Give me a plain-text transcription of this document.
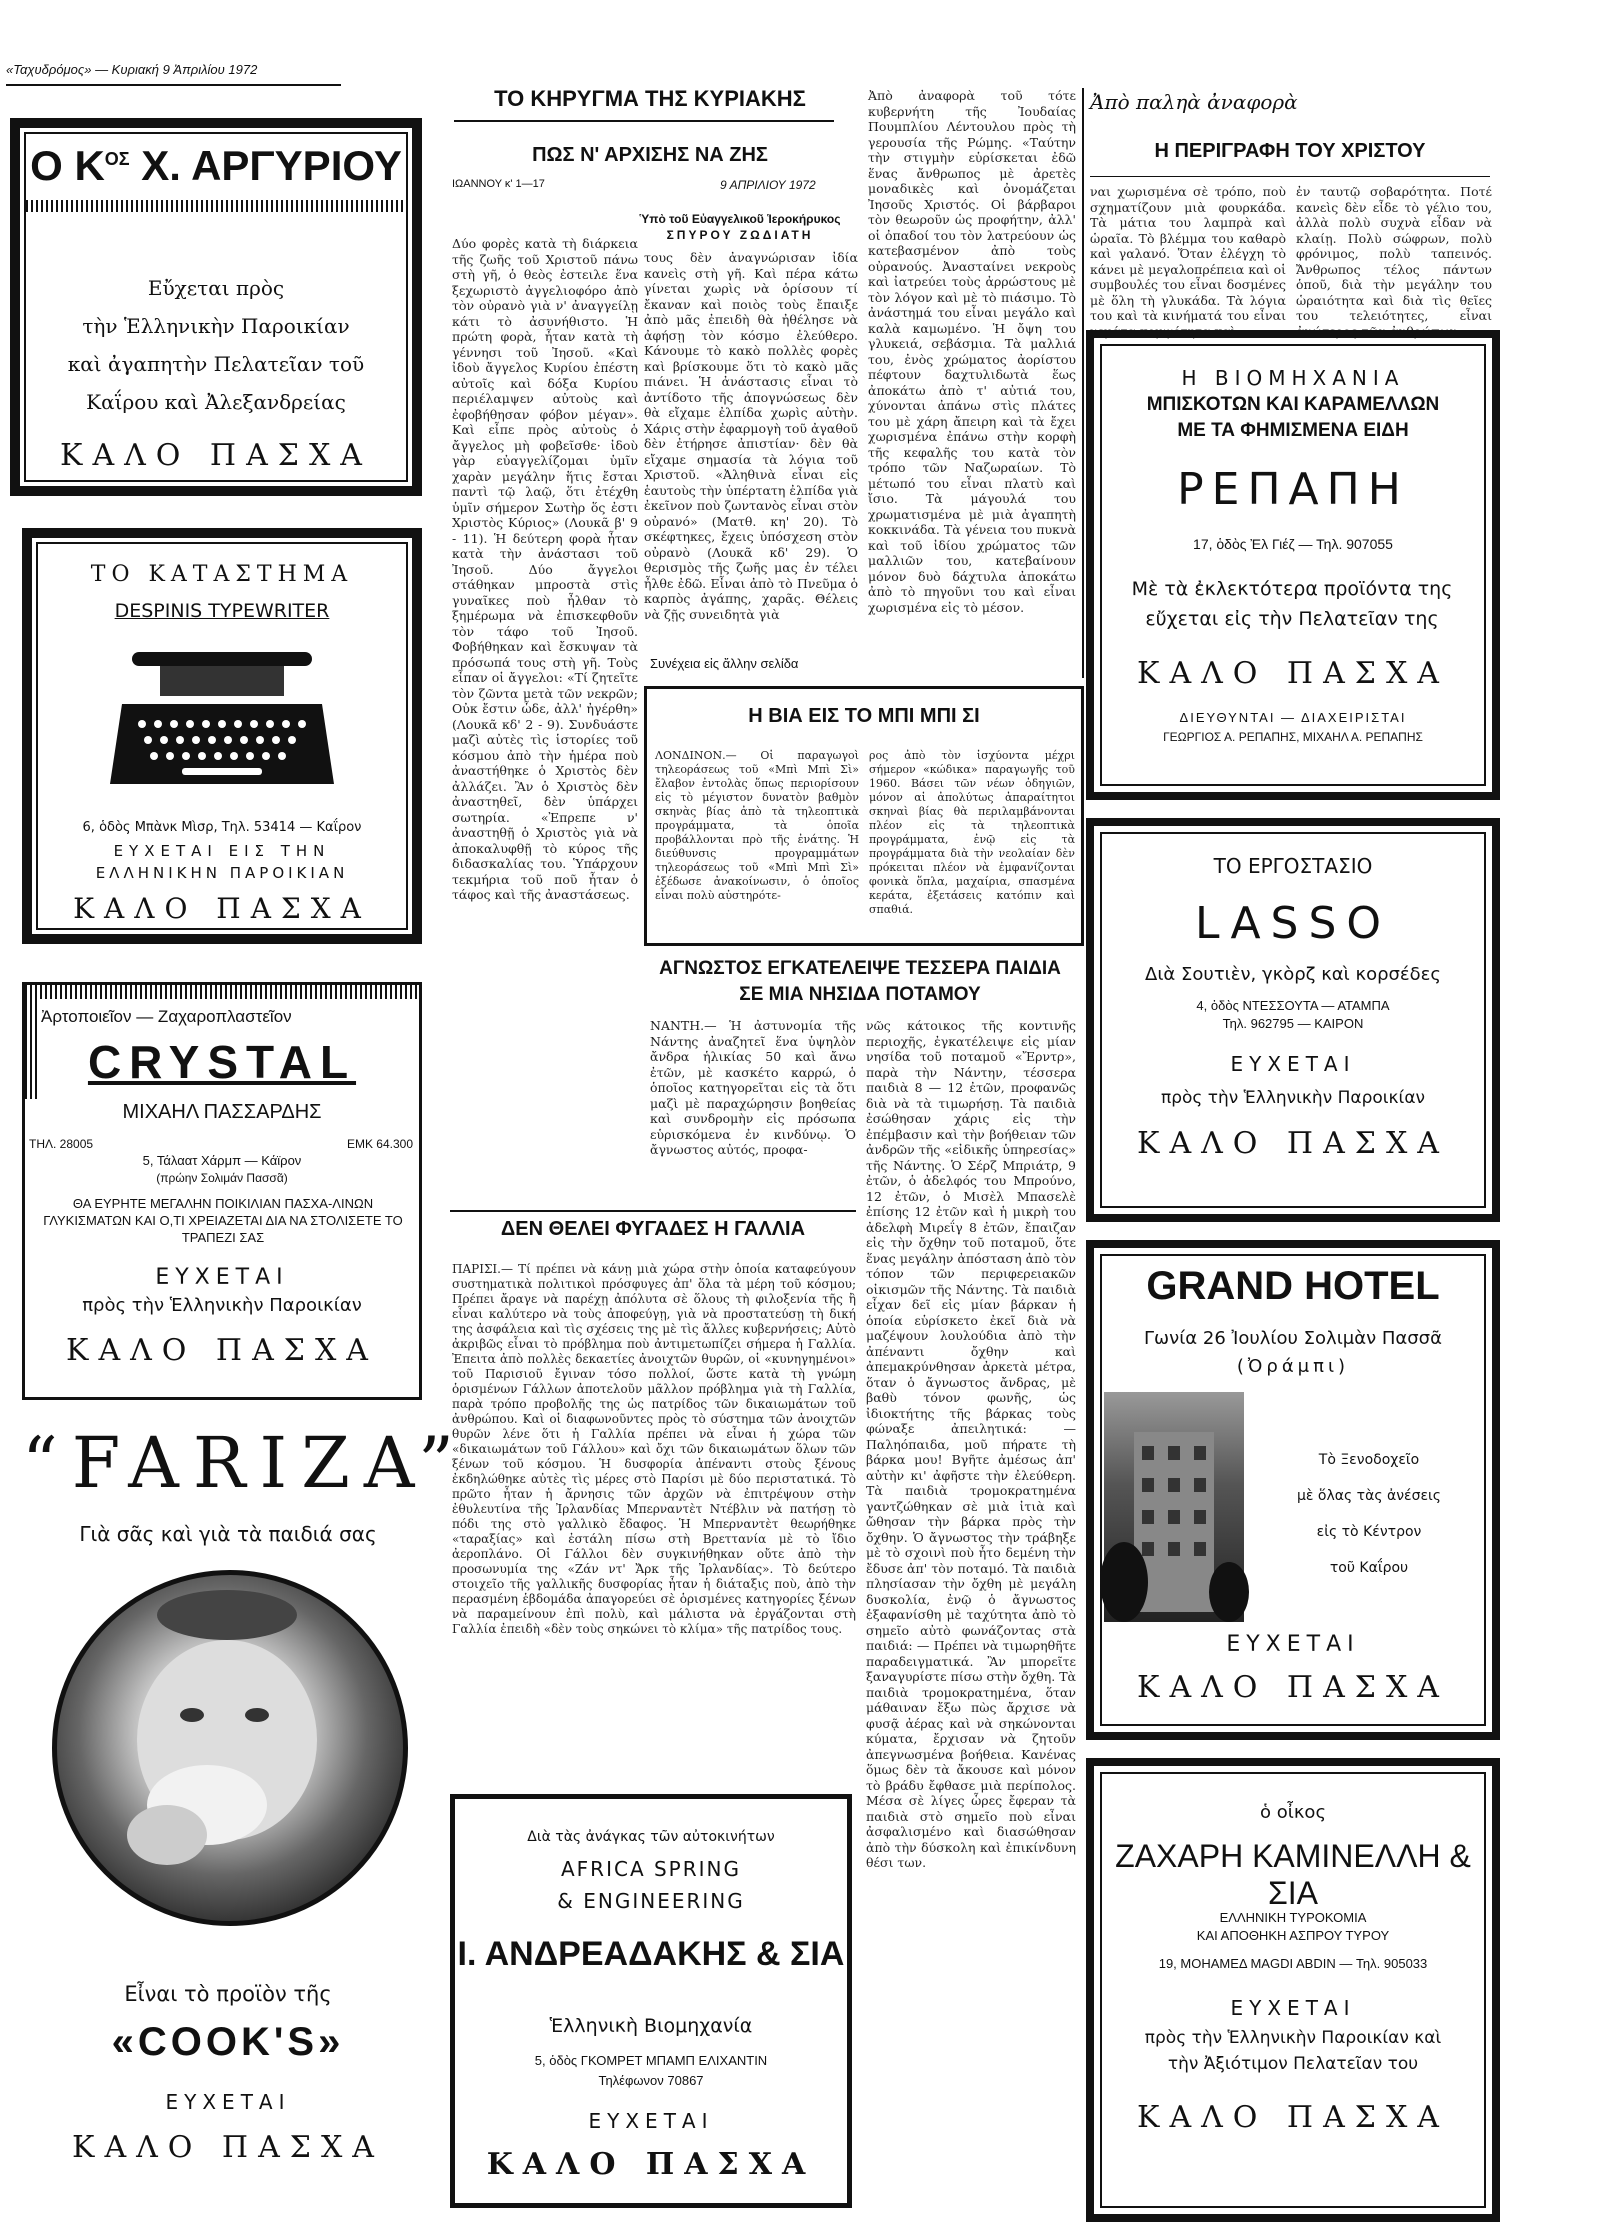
«Ταχυδρόμος» — Κυριακή 9 Ἀπριλίου 1972
Ο $K^{O\Sigma}$ Χ. ΑΡΓΥΡΙΟΥ
Εὔχεται πρὸς
τὴν Ἑλληνικὴν Παροικίαν
καὶ ἀγαπητὴν Πελατεῖαν τοῦ
Καΐρου καὶ Ἀλεξανδρείας
ΚΑΛΟ ΠΑΣΧΑ
ΤΟ ΚΑΤΑΣΤΗΜΑ
DESPINIS TYPEWRITER
6, ὁδὸς Μπὰνκ Μὶσρ, Τηλ. 53414 — Καΐρον
ΕΥΧΕΤΑΙ ΕΙΣ ΤΗΝ
ΕΛΛΗΝΙΚΗΝ ΠΑΡΟΙΚΙΑΝ
ΚΑΛΟ ΠΑΣΧΑ
Ἀρτοποιεῖον — Ζαχαροπλαστεῖον
CRYSTAL
ΜΙΧΑΗΛ ΠΑΣΣΑΡΔΗΣ
ΤΗΛ. 28005	ΕΜΚ 64.300
5, Τάλαατ Χάρμπ — Κάϊρον
(πρώην Σολιμάν Πασσᾶ)
ΘΑ ΕΥΡΗΤΕ ΜΕΓΑΛΗΝ ΠΟΙΚΙΛΙΑΝ ΠΑΣΧΑ-ΛΙΝΩΝ ΓΛΥΚΙΣΜΑΤΩΝ ΚΑΙ Ο,ΤΙ ΧΡΕΙΑΖΕΤΑΙ ΔΙΑ ΝΑ ΣΤΟΛΙΣΕΤΕ ΤΟ ΤΡΑΠΕΖΙ ΣΑΣ
ΕΥΧΕΤΑΙ
πρὸς τὴν Ἑλληνικὴν Παροικίαν
ΚΑΛΟ ΠΑΣΧΑ
“FARIZA”
Γιὰ σᾶς καὶ γιὰ τὰ παιδιά σας
Εἶναι τὸ προϊὸν τῆς
«COOK'S»
ΕΥΧΕΤΑΙ
ΚΑΛΟ ΠΑΣΧΑ
ΤΟ ΚΗΡΥΓΜΑ ΤΗΣ ΚΥΡΙΑΚΗΣ
ΠΩΣ Ν' ΑΡΧΙΣΗΣ ΝΑ ΖΗΣ
ΙΩΑΝΝΟΥ κ' 1—17	9 ΑΠΡΙΛΙΟΥ 1972
Ὑπὸ τοῦ Εὐαγγελικοῦ Ἱεροκήρυκος
ΣΠΥΡΟΥ ΖΩΔΙΑΤΗ
Δύο φορὲς κατὰ τὴ διάρκεια τῆς ζωῆς τοῦ Χριστοῦ πάνω στὴ γῆ, ὁ θεὸς ἐστειλε ἕνα ξεχωριστὸ ἀγγελιοφόρο ἀπὸ τὸν οὐρανὸ γιὰ ν' ἀναγγείλῃ κάτι τὸ ἀσυνήθιστο. Ἡ πρώτη φορὰ, ἦταν κατὰ τὴ γέννησι τοῦ Ἰησοῦ. «Καὶ ἰδοὺ ἄγγελος Κυρίου ἐπέστη αὐτοῖς καὶ δόξα Κυρίου περιέλαμψεν αὐτοὺς καὶ ἐφοβήθησαν φόβον μέγαν». Καὶ εἶπε πρὸς αὐτοὺς ὁ ἄγγελος μὴ φοβεῖσθε· ἰδοὺ γὰρ εὐαγγελίζομαι ὑμῖν χαρὰν μεγάλην ἥτις ἔσται παντὶ τῷ λαῷ, ὅτι ἐτέχθη ὑμῖν σήμερον Σωτὴρ ὅς ἐστι Χριστὸς Κύριος» (Λουκᾶ β' 9 - 11). Ἡ δεύτερη φορὰ ἦταν κατὰ τὴν ἀνάστασι τοῦ Ἰησοῦ. Δύο ἄγγελοι στάθηκαν μπροστὰ στὶς γυναῖκες ποὺ ἦλθαν τὸ ξημέρωμα νὰ ἐπισκεφθοῦν τὸν τάφο τοῦ Ἰησοῦ. Φοβήθηκαν καὶ ἔσκυψαν τὰ πρόσωπά τους στὴ γῆ. Τοὺς εἶπαν οἱ ἄγγελοι: «Τί ζητεῖτε τὸν ζῶντα μετὰ τῶν νεκρῶν; Οὐκ ἔστιν ὧδε, ἀλλ' ἠγέρθη» (Λουκᾶ κδ' 2 - 9). Συνδυάστε μαζὶ αὐτὲς τὶς ἱστορίες τοῦ κόσμου ἀπὸ τὴν ἡμέρα ποὺ ἀναστήθηκε ὁ Χριστὸς δὲν ἀλλάζει. Ἂν ὁ Χριστὸς δὲν ἀναστηθεῖ, δὲν ὑπάρχει σωτηρία. «Ἐπρεπε ν' ἀναστηθῇ ὁ Χριστὸς γιὰ νὰ ἀποκαλυφθῇ τὸ κύρος τῆς διδασκαλίας του. Ὑπάρχουν τεκμήρια τοῦ ποῦ ἦταν ὁ τάφος καὶ τῆς ἀναστάσεως.
τους δὲν ἀναγνώρισαν ἰδία κανεὶς στὴ γῆ. Καὶ πέρα κάτω γίνεται χωρὶς νὰ ὁρίσουν τί ἔκαναν καὶ ποιὸς τοὺς ἔπαιξε ἀπὸ μᾶς ἐπειδὴ θὰ ἠθέλησε νὰ ἀφήσῃ τὸν κόσμο ἐλεύθερο. Κάνουμε τὸ κακὸ πολλὲς φορὲς καὶ βρίσκουμε ὅτι τὸ κακὸ μᾶς πιάνει. Ἡ ἀνάστασις εἶναι τὸ ἀντίδοτο τῆς ἀπογνώσεως δὲν θὰ εἴχαμε ἐλπίδα χωρὶς αὐτὴν. Χάρις στὴν ἐφαρμογὴ τοῦ ἀγαθοῦ δὲν ἐτήρησε ἀπιστίαν· δὲν θὰ εἴχαμε σημασία τὰ λόγια τοῦ Χριστοῦ. «Ἀληθινὰ εἶναι εἰς ἑαυτοὺς τὴν ὑπέρτατη ἐλπίδα γιὰ ἐκεῖνον ποὺ ζωντανὸς εἶναι στὸν οὐρανό» (Ματθ. κη' 20). Τὸ σκέφτηκες, ἔχεις ὑπόσχεση στὸν οὐρανὸ (Λουκᾶ κδ' 29). Ὁ θερισμὸς τῆς ζωῆς μας ἐν τέλει ἦλθε ἐδῶ. Εἶναι ἀπὸ τὸ Πνεῦμα ὁ καρπὸς ἀγάπης, χαρᾶς. Θέλεις νὰ ζῇς συνειδητὰ γιὰ
Συνέχεια εἰς ἄλλην σελίδα
Η ΒΙΑ ΕΙΣ ΤΟ ΜΠΙ ΜΠΙ ΣΙ
ΛΟΝΔΙΝΟΝ.— Οἱ παραγωγοὶ τηλεοράσεως τοῦ «Μπὶ Μπὶ Σὶ» ἔλαβον ἐντολὰς ὅπως περιορίσουν εἰς τὸ μέγιστον δυνατὸν βαθμὸν σκηνὰς βίας ἀπὸ τὰ τηλεοπτικὰ προγράμματα, τὰ ὁποῖα προβάλλονται πρὸ τῆς ἐνάτης. Ἡ διεύθυνσις προγραμμάτων τηλεοράσεως τοῦ «Μπὶ Μπὶ Σὶ» ἐξέδωσε ἀνακοίνωσιν, ὁ ὁποῖος εἶναι πολὺ αὐστηρότε-
ρος ἀπὸ τὸν ἰσχύοντα μέχρι σήμερον «κώδικα» παραγωγῆς τοῦ 1960. Βάσει τῶν νέων ὁδηγιῶν, μόνον αἱ ἀπολύτως ἀπαραίτητοι σκηναὶ βίας θὰ περιλαμβάνονται πλέον εἰς τὰ τηλεοπτικὰ προγράμματα, ἐνῷ εἰς τὰ προγράμματα διὰ τὴν νεολαίαν δὲν πρόκειται πλέον νὰ ἐμφανίζονται φονικὰ ὅπλα, μαχαίρια, σπασμένα κεράτα, ἐξετάσεις κατόπιν καὶ σπαθιά.
ΑΓΝΩΣΤΟΣ ΕΓΚΑΤΕΛΕΙΨΕ ΤΕΣΣΕΡΑ ΠΑΙΔΙΑ ΣΕ ΜΙΑ ΝΗΣΙΔΑ ΠΟΤΑΜΟΥ
ΝΑΝΤΗ.— Ἡ ἀστυνομία τῆς Νάντης ἀναζητεῖ ἕνα ὑψηλὸν ἄνδρα ἡλικίας 50 καὶ ἄνω ἐτῶν, μὲ κασκέτο καρρώ, ὁ ὁποῖος κατηγορεῖται εἰς τὰ ὅτι μαζὶ μὲ παραχώρησιν βοηθείας καὶ συνδρομὴν εἰς πρόσωπα εὑρισκόμενα ἐν κινδύνῳ. Ὁ ἄγνωστος αὐτός, προφα-
νῶς κάτοικος τῆς κοντινῆς περιοχῆς, ἐγκατέλειψε εἰς μίαν νησίδα τοῦ ποταμοῦ «Ἔρντρ», παρὰ τὴν Νάντην, τέσσερα παιδιὰ 8 — 12 ἐτῶν, προφανῶς διὰ νὰ τὰ τιμωρήσῃ. Τὰ παιδιὰ ἐσώθησαν χάρις εἰς τὴν ἐπέμβασιν καὶ τὴν βοήθειαν τῶν ἀνδρῶν τῆς «εἰδικῆς ὑπηρεσίας» τῆς Νάντης. Ὁ Σέρζ Μπριάτρ, 9 ἐτῶν, ὁ ἀδελφός του Μπρούνο, 12 ἐτῶν, ὁ Μισὲλ Μπασελὲ ἐπίσης 12 ἐτῶν καὶ ἡ μικρὴ του ἀδελφὴ Μιρεΐγ 8 ἐτῶν, ἔπαιζαν εἰς τὴν ὄχθην τοῦ ποταμοῦ, ὅτε ἕνας μεγάλην ἀπόσταση ἀπὸ τὸν τόπον τῶν περιφερειακῶν οἰκισμῶν τῆς Νάντης. Τὰ παιδιὰ εἶχαν δεῖ εἰς μίαν βάρκαν ἡ ὁποία εὑρίσκετο ἐκεῖ διὰ νὰ μαζέψουν λουλούδια ἀπὸ τὴν ἀπέναντι ὄχθην καὶ ἀπεμακρύνθησαν ἀρκετὰ μέτρα, ὅταν ὁ ἄγνωστος ἄνδρας, μὲ βαθὺ τόνον φωνῆς, ὡς ἰδιοκτήτης τῆς βάρκας τοὺς φώναξε ἀπειλητικά: — Παληόπαιδα, μοῦ πήρατε τὴ βάρκα μου! Βγῆτε ἀμέσως ἀπ' αὐτὴν κι' ἀφῆστε τὴν ἐλεύθερη. Τὰ παιδιὰ τρομοκρατημένα γαντζώθηκαν σὲ μιὰ ἰτιὰ καὶ ὤθησαν τὴν βάρκα πρὸς τὴν ὄχθην. Ὁ ἄγνωστος τὴν τράβηξε μὲ τὸ σχοινὶ ποὺ ἦτο δεμένη τὴν ἔδυσε ἀπ' τὸν ποταμό. Τὰ παιδιὰ πλησίασαν τὴν ὄχθη μὲ μεγάλη δυσκολία, ἐνῷ ὁ ἄγνωστος ἐξαφανίσθη μὲ ταχύτητα ἀπὸ τὸ σημεῖο αὐτὸ φωνάζοντας στὰ παιδιά: — Πρέπει νὰ τιμωρηθῆτε παραδειγματικά. Ἂν μπορεῖτε ξαναγυρίστε πίσω στὴν ὄχθη. Τὰ παιδιὰ τρομοκρατημένα, ὅταν μάθαιναν ἔξω πὼς ἄρχισε νὰ φυσᾷ ἀέρας καὶ νὰ σηκώνονται κύματα, ἔρχισαν νὰ ζητοῦν ἀπεγνωσμένα βοήθεια. Κανένας ὅμως δὲν τὰ ἄκουσε καὶ μόνον τὸ βράδυ ἔφθασε μιὰ περίπολος. Μέσα σὲ λίγες ὧρες ἔφεραν τὰ παιδιὰ στὸ σημεῖο ποὺ εἶναι ἀσφαλισμένο καὶ διασώθησαν ἀπὸ τὴν δύσκολη καὶ ἐπικίνδυνη θέσι των.
ΔΕΝ ΘΕΛΕΙ ΦΥΓΑΔΕΣ Η ΓΑΛΛΙΑ
ΠΑΡΙΣΙ.— Τί πρέπει νὰ κάνῃ μιὰ χώρα στὴν ὁποία καταφεύγουν συστηματικὰ πολιτικοὶ πρόσφυγες ἀπ' ὅλα τὰ μέρη τοῦ κόσμου; Πρέπει ἄραγε νὰ παρέχῃ ἀπόλυτα σὲ ὅλους τὴ φιλοξενία τῆς ἢ εἶναι καλύτερο νὰ τοὺς ἀποφεύγῃ, γιὰ νὰ προστατεύσῃ τὴ δική της ἀσφάλεια καὶ τὶς σχέσεις της μὲ τὶς ἄλλες κυβερνήσεις; Αὐτὸ ἀκριβῶς εἶναι τὸ πρόβλημα ποὺ ἀντιμετωπίζει σήμερα ἡ Γαλλία. Ἐπειτα ἀπὸ πολλὲς δεκαετίες ἀνοιχτῶν θυρῶν, οἱ «κυνηγημένοι» τοῦ Παρισιοῦ ἔγιναν τόσο πολλοί, ὥστε κατὰ τὴ γνώμη ὁρισμένων Γάλλων ἀποτελοῦν μᾶλλον πρόβλημα γιὰ τὴ Γαλλία, παρὰ τρόπο προβολῆς της ὡς πατρίδος τῶν δικαιωμάτων τοῦ ἀνθρώπου. Καὶ οἱ διαφωνοῦντες πρὸς τὸ σύστημα τῶν ἀνοιχτῶν θυρῶν λένε ὅτι ἡ Γαλλία πρέπει νὰ εἶναι ἡ χώρα τῶν «δικαιωμάτων τοῦ Γάλλου» καὶ ὄχι τῶν δικαιωμάτων ὅλων τῶν ξένων τοῦ κόσμου. Ἡ δυσφορία ἀπέναντι στοὺς ξένους ἐκδηλώθηκε αὐτὲς τὶς μέρες στὸ Παρίσι μὲ δύο περιστατικά. Τὸ πρῶτο ἦταν ἡ ἄρνησις τῶν ἀρχῶν νὰ ἐπιτρέψουν στὴν ἐθυλευτίνα τῆς Ἰρλανδίας Μπερναντὲτ Ντέβλιν νὰ πατήσῃ τὸ πόδι της στὸ γαλλικὸ ἔδαφος. Ἡ Μπερναντὲτ θεωρήθηκε «ταραξίας» καὶ ἐστάλη πίσω στὴ Βρεττανία μὲ τὸ ἴδιο ἀεροπλάνο. Οἱ Γάλλοι δὲν συγκινήθηκαν οὔτε ἀπὸ τὴν προσωνυμία της «Ζάν ντ' Ἄρκ τῆς Ἰρλανδίας». Τὸ δεύτερο στοιχεῖο τῆς γαλλικῆς δυσφορίας ἦταν ἡ διάταξις ποὺ, ἀπὸ τὴν περασμένη ἑβδομάδα ἀπαγορεύει σὲ ὁρισμένες κατηγορίες ξένων νὰ παραμείνουν ἐπὶ πολὺ, καὶ μάλιστα νὰ ἐργάζονται στὴ Γαλλία ἐπειδὴ «δὲν τοὺς σηκώνει τὸ κλίμα» τῆς πατρίδος τους.
Διὰ τὰς ἀνάγκας τῶν αὐτοκινήτων
AFRICA SPRING
& ENGINEERING
Ι. ΑΝΔΡΕΑΔΑΚΗΣ & ΣΙΑ
Ἑλληνικὴ Βιομηχανία
5, ὁδὸς ΓΚΟΜΡΕΤ ΜΠΑΜΠ ΕΛΙΧΑΝΤΙΝ
Τηλέφωνον 70867
ΕΥΧΕΤΑΙ
ΚΑΛΟ ΠΑΣΧΑ
Ἀπὸ ἀναφορὰ τοῦ τότε κυβερνήτη τῆς Ἰουδαίας Πουμπλίου Λέντουλου πρὸς τὴ γερουσία τῆς Ρώμης. «Ταύτην τὴν στιγμὴν εὑρίσκεται ἐδῶ ἕνας ἄνθρωπος μὲ ἀρετὲς μοναδικὲς καὶ ὀνομάζεται Ἰησοῦς Χριστός. Οἱ βάρβαροι τὸν θεωροῦν ὡς προφήτην, ἀλλ' οἱ ὀπαδοί του τὸν λατρεύουν ὡς κατεβασμένον ἀπὸ τοὺς οὐρανούς. Ἀνασταίνει νεκροὺς καὶ ἰατρεύει τοὺς ἀρρώστους μὲ τὸν λόγον καὶ μὲ τὸ πιάσιμο. Τὸ ἀνάστημά του εἶναι μεγάλο καὶ καλὰ καμωμένο. Ἡ ὄψη του γλυκειά, σεβάσμια. Τὰ μαλλιά του, ἐνὸς χρώματος ἀορίστου πέφτουν δαχτυλιδωτὰ ἕως ἀποκάτω ἀπὸ τ' αὐτιά του, χύνονται ἀπάνω στὶς πλάτες του μὲ χάρη ἄπειρη καὶ τὰ ἔχει χωρισμένα ἐπάνω στὴν κορφὴ τῆς κεφαλῆς του κατὰ τὸν τρόπο τῶν Ναζωραίων. Τὸ μέτωπό του εἶναι πλατὺ καὶ ἴσιο. Τὰ μάγουλά του χρωματισμένα μὲ μιὰ ἀγαπητὴ κοκκινάδα. Τὰ γένεια του πυκνὰ καὶ τοῦ ἰδίου χρώματος τῶν μαλλιῶν του, κατεβαίνουν μόνον δυὸ δάχτυλα ἀποκάτω ἀπὸ τὸ πηγοῦνι του καὶ εἶναι χωρισμένα εἰς τὸ μέσον.
Ἀπὸ παληὰ ἀναφορὰ
Η ΠΕΡΙΓΡΑΦΗ ΤΟΥ ΧΡΙΣΤΟΥ
ναι χωρισμένα σὲ τρόπο, ποὺ σχηματίζουν μιὰ φουρκάδα. Τὰ μάτια του λαμπρὰ καὶ ὡραῖα. Τὸ βλέμμα του καθαρὸ καὶ γαλανό. Ὅταν ἐλέγχη τὸ κάνει μὲ μεγαλοπρέπεια καὶ οἱ συμβουλές του εἶναι δοσμένες μὲ ὅλη τὴ γλυκάδα. Τὰ λόγια του καὶ τὰ κινήματά του εἶναι γεμάτα κομψότητα καὶ
ἐν ταυτῷ σοβαρότητα. Ποτέ κανεὶς δὲν εἶδε τὸ γέλιο του, ἀλλὰ πολὺ συχνὰ εἶδαν νὰ κλαίῃ. Πολὺ σώφρων, πολὺ φρόνιμος, πολὺ ταπεινός. Ἄνθρωπος τέλος πάντων ὁποῦ, διὰ τὴν μεγάλην του ὡραιότητα καὶ διὰ τὶς θεῖες του τελειότητες, εἶναι ἀνώτερος τῶν ἀνθρώπων.
Η ΒΙΟΜΗΧΑΝΙΑ
ΜΠΙΣΚΟΤΩΝ ΚΑΙ ΚΑΡΑΜΕΛΛΩΝ
ΜΕ ΤΑ ΦΗΜΙΣΜΕΝΑ ΕΙΔΗ
ΡΕΠΑΠΗ
17, ὁδὸς Ἐλ Γιέζ — Τηλ. 907055
Μὲ τὰ ἐκλεκτότερα προϊόντα της εὔχεται εἰς τὴν Πελατεῖαν της
ΚΑΛΟ ΠΑΣΧΑ
ΔΙΕΥΘΥΝΤΑΙ — ΔΙΑΧΕΙΡΙΣΤΑΙ
ΓΕΩΡΓΙΟΣ Α. ΡΕΠΑΠΗΣ, ΜΙΧΑΗΛ Α. ΡΕΠΑΠΗΣ
ΤΟ ΕΡΓΟΣΤΑΣΙΟ
LASSO
Διὰ Σουτιὲν, γκὸρζ καὶ κορσέδες
4, ὁδὸς ΝΤΕΣΣΟΥΤΑ — ΑΤΑΜΠΑ
Τηλ. 962795 — ΚΑΙΡΟΝ
ΕΥΧΕΤΑΙ
πρὸς τὴν Ἑλληνικὴν Παροικίαν
ΚΑΛΟ ΠΑΣΧΑ
GRAND HOTEL
Γωνία 26 Ἰουλίου Σολιμὰν Πασσᾶ
(Ὀράμπι)
Τὸ Ξενοδοχεῖο
μὲ ὅλας τὰς ἀνέσεις
εἰς τὸ Κέντρον
τοῦ Καΐρου
ΕΥΧΕΤΑΙ
ΚΑΛΟ ΠΑΣΧΑ
ὁ οἶκος
ΖΑΧΑΡΗ ΚΑΜΙΝΕΛΛΗ & ΣΙΑ
ΕΛΛΗΝΙΚΗ ΤΥΡΟΚΟΜΙΑ
ΚΑΙ ΑΠΟΘΗΚΗ ΑΣΠΡΟΥ ΤΥΡΟΥ
19, ΜΟΗΑΜΕΔ MAGDI ABDIN — Τηλ. 905033
ΕΥΧΕΤΑΙ
πρὸς τὴν Ἑλληνικὴν Παροικίαν καὶ
τὴν Ἀξιότιμον Πελατεῖαν του
ΚΑΛΟ ΠΑΣΧΑ
